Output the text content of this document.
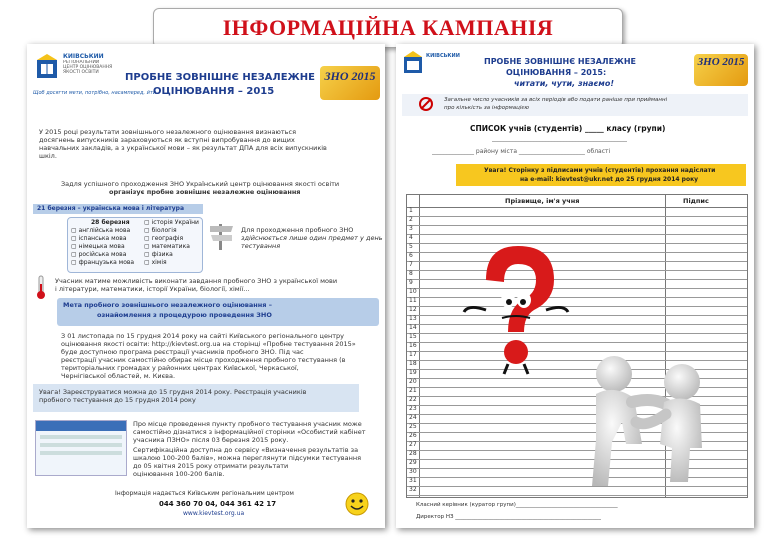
ІНФОРМАЦІЙНА КАМПАНІЯ
КИЇВСЬКИЙ
РЕГІОНАЛЬНИЙ ЦЕНТР ОЦІНЮВАННЯ ЯКОСТІ ОСВІТИ
Щоб досягти мети, потрібно, насамперед, йти
ПРОБНЕ ЗОВНІШНЄ НЕЗАЛЕЖНЕ
ОЦІНЮВАННЯ – 2015
ЗНО 2015
У 2015 році результати зовнішнього незалежного оцінювання визнаються
досягнень випускників зараховуються як вступні випробування до вищих
навчальних закладів, а з української мови – як результат ДПА для всіх випускників
шкіл.
Задля успішного проходження ЗНО Український центр оцінювання якості освіти
організує пробне зовнішнє незалежне оцінювання
21 березня – українська мова і література
28 березня
▢ англійська мова
▢ іспанська мова
▢ німецька мова
▢ російська мова
▢ французька мова
▢ історія України
▢ біологія
▢ географія
▢ математика
▢ фізика
▢ хімія
Для проходження пробного ЗНО
здійснюється лише один предмет у день
тестування
Учасник матиме можливість виконати завдання пробного ЗНО з української мови
і літератури, математики, історії України, біології, хімії...
Мета пробного зовнішнього незалежного оцінювання –
ознайомлення з процедурою проведення ЗНО
З 01 листопада по 15 грудня 2014 року на сайті Київського регіонального центру
оцінювання якості освіти: http://kievtest.org.ua на сторінці «Пробне тестування 2015»
буде доступною програма реєстрації учасників пробного ЗНО. Під час
реєстрації учасник самостійно обирає місце проходження пробного тестування (в
територіальних громадах у районних центрах Київської, Черкаської,
Чернігівської областей, м. Києва.
Увага! Зареєструватися можна до 15 грудня 2014 року. Реєстрація учасників
пробного тестування до 15 грудня 2014 року
Про місце проведення пункту пробного тестування учасник може
самостійно дізнатися з інформаційної сторінки «Особистий кабінет
учасника ПЗНО» після 03 березня 2015 року.
Сертифікаційна доступна до сервісу «Визначення результатів за
шкалою 100-200 балів», можна переглянути підсумки тестування
до 05 квітня 2015 року отримати результати
оцінювання 100-200 балів.
Інформація надається Київським регіональним центром
044 360 70 04, 044 361 42 17
www.kievtest.org.ua
КИЇВСЬКИЙ
ПРОБНЕ ЗОВНІШНЄ НЕЗАЛЕЖНЕ
ОЦІНЮВАННЯ – 2015:
читати, чути, знаємо!
ЗНО 2015
Загальне число учасників за всіх періодів або подати раніше при прийманні
про кількість за інформацією
СПИСОК учнів (студентів) _____ класу (групи)
_____________________________________________
______________ району міста ______________________ області
Увага! Сторінку з підписами учнів (студентів) прохання надіслати
на e-mail: kievtest@ukr.net до 25 грудня 2014 року
Прізвище, ім'я учня	Підпис
1
2
3
4
5
6
7
8
9
10
11
12
13
14
15
16
17
18
19
20
21
22
23
24
25
26
27
28
29
30
31
32
Класний керівник (куратор групи)_____________________________________
Директор НЗ _____________________________________________________
